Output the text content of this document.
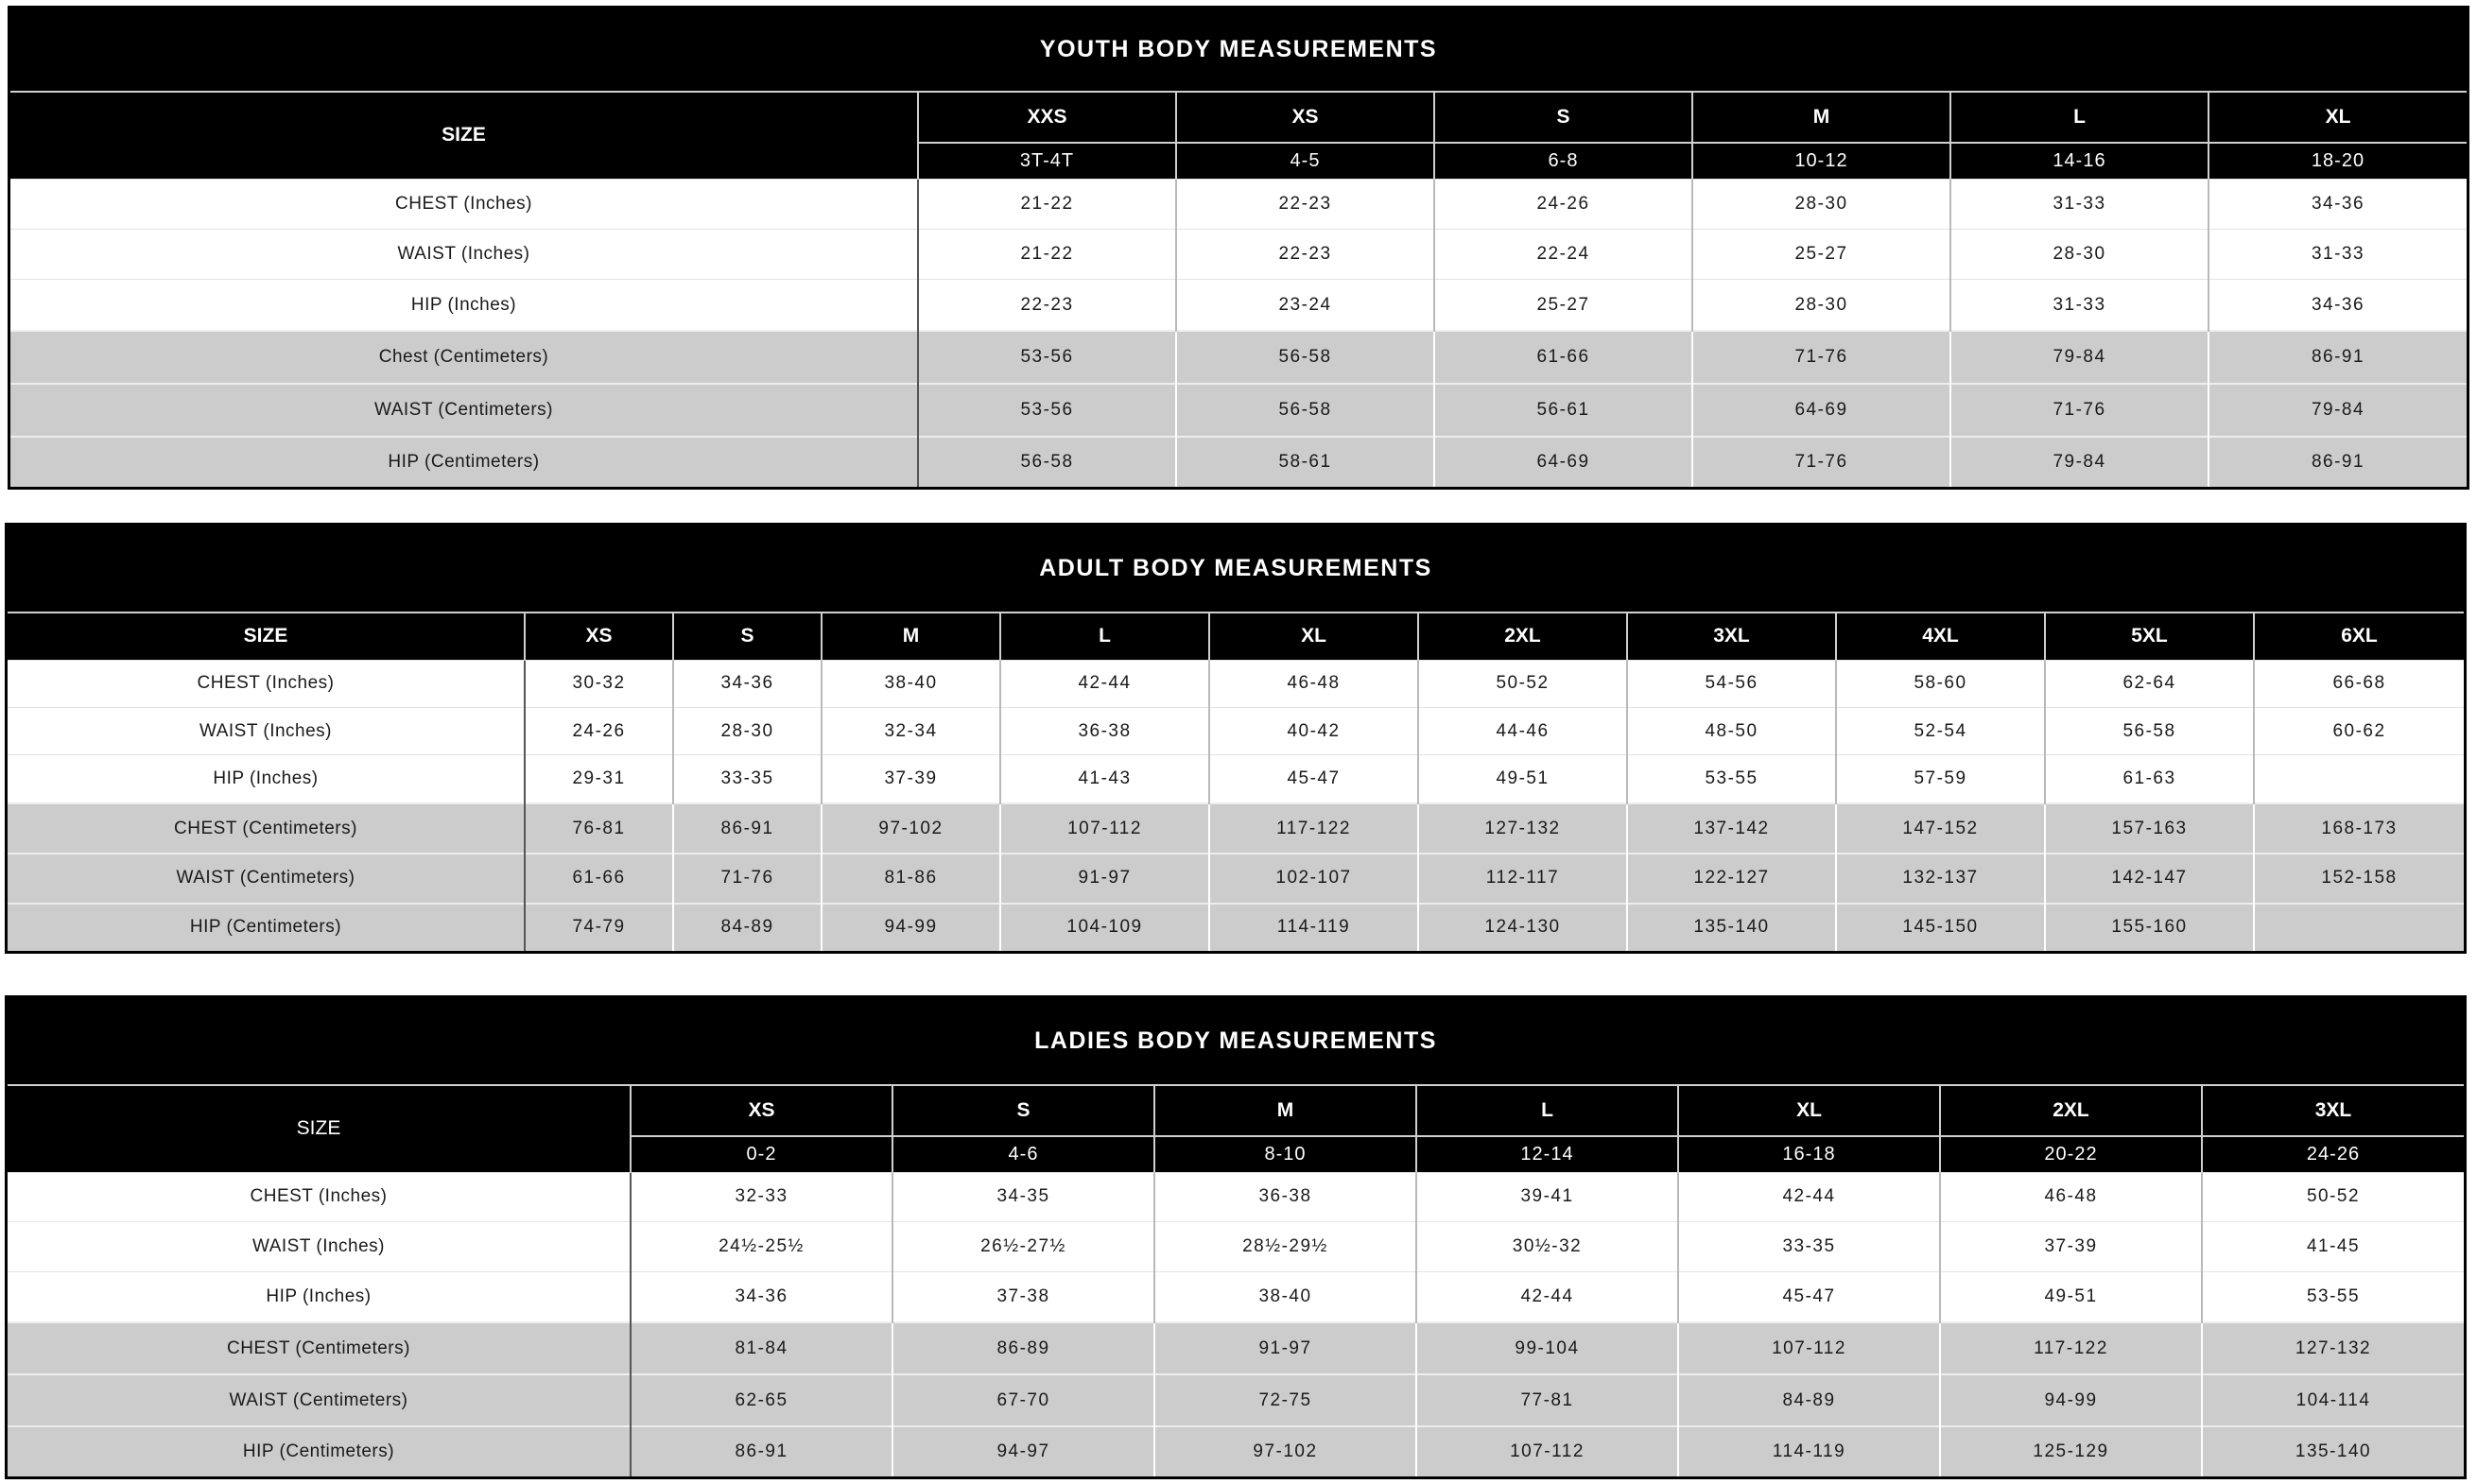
YOUTH BODY MEASUREMENTS						
SIZE	XXS	XS	S	M	L	XL
	3T-4T	4-5	6-8	10-12	14-16	18-20
CHEST (Inches)	21-22	22-23	24-26	28-30	31-33	34-36
WAIST (Inches)	21-22	22-23	22-24	25-27	28-30	31-33
HIP (Inches)	22-23	23-24	25-27	28-30	31-33	34-36
Chest (Centimeters)	53-56	56-58	61-66	71-76	79-84	86-91
WAIST (Centimeters)	53-56	56-58	56-61	64-69	71-76	79-84
HIP (Centimeters)	56-58	58-61	64-69	71-76	79-84	86-91
ADULT BODY MEASUREMENTS										
SIZE	XS	S	M	L	XL	2XL	3XL	4XL	5XL	6XL
CHEST (Inches)	30-32	34-36	38-40	42-44	46-48	50-52	54-56	58-60	62-64	66-68
WAIST (Inches)	24-26	28-30	32-34	36-38	40-42	44-46	48-50	52-54	56-58	60-62
HIP (Inches)	29-31	33-35	37-39	41-43	45-47	49-51	53-55	57-59	61-63	
CHEST (Centimeters)	76-81	86-91	97-102	107-112	117-122	127-132	137-142	147-152	157-163	168-173
WAIST (Centimeters)	61-66	71-76	81-86	91-97	102-107	112-117	122-127	132-137	142-147	152-158
HIP (Centimeters)	74-79	84-89	94-99	104-109	114-119	124-130	135-140	145-150	155-160	
LADIES BODY MEASUREMENTS							
SIZE	XS	S	M	L	XL	2XL	3XL
	0-2	4-6	8-10	12-14	16-18	20-22	24-26
CHEST (Inches)	32-33	34-35	36-38	39-41	42-44	46-48	50-52
WAIST (Inches)	24½-25½	26½-27½	28½-29½	30½-32	33-35	37-39	41-45
HIP (Inches)	34-36	37-38	38-40	42-44	45-47	49-51	53-55
CHEST (Centimeters)	81-84	86-89	91-97	99-104	107-112	117-122	127-132
WAIST (Centimeters)	62-65	67-70	72-75	77-81	84-89	94-99	104-114
HIP (Centimeters)	86-91	94-97	97-102	107-112	114-119	125-129	135-140
